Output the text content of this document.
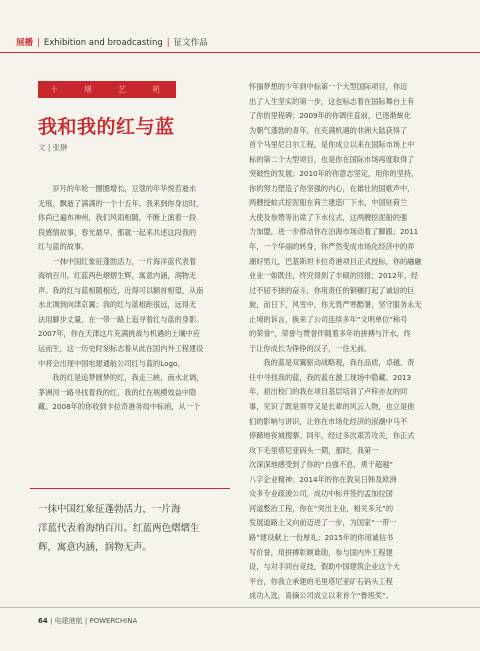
展播 | Exhibition and broadcasting | 征文作品
十	堰	艺	苑
我和我的红与蓝
文 | 张翀

　　岁月的年轮一圈圈增长，豆蔻的年华悦若逝水

无痕，飘逝了满满的一个十五年。我来到你身边时，

你尚已遍布神州，我们风雨相随，不断上演着一段

段感情故事，春光最早，那就一起来共述这段我的

红与蓝的故事。

　　一抹中国红象征蓬勃活力，一片海洋蓝代表着

海纳百川。红蓝两色熠熠生辉，寓意内涵，润物无

声。我的红与蓝相随相近，近得可以额首相望，从南

水北调到向津京翼；我的红与蓝相距很远，远得无

法用脚步丈量，在一带一路上追寻着红与蓝的身影。

2007年，你在天津这片充满挑战与机遇的土壤中应

运而生，这一历史时刻标志着从此在国内外工程建设

中将会出现中国电建通航公司红与蓝的Logo。

　　我的红是追梦圆梦的红，我走三峡，南水北调，

茅洲河一路寻找着我的红，我的红在规模效益中隐

藏。2008年的你收到卡拉奇港务局中标函，从一个

一抹中国红象征蓬勃活力，一片海

洋蓝代表着海纳百川。红蓝两色熠熠生

辉，寓意内涵，润物无声。

怀揣梦想的少年到中标第一个大型国际项目，你迈

出了人生坚实的第一步，这也标志着在国际舞台上有

了你的里程碑；2009年的你调往直前，已逐渐蜕化

为朝气蓬勃的青年，在充满机遇的非洲大陆获得了

首个马里尼日尔工程，是你成立以来在国际市场上中

标的第二个大型项目，也是你在国际市场再度取得了

突破性的发展；2010年的你意志坚定，用你的坚持，

你的努力塑造了你坚强的内心，在雄壮的国歌声中，

两艘授蚊式挖泥船在荷兰建造厂下水，中国驻荷兰

大使及参赞等出席了下水仪式，这两艘挖泥船的强

力加盟，进一步推动你在泊海市场动着了脚跟；2011

年，一个华丽的转身，你严然变成市场化经济中的弄

潮好男儿，巴基斯坦卡拉奇港项目正式授标，你的融融

业业一如既往，终究得到了丰硕的回报；2012年，经

过不屈不挠的奋斗，你用责任的铜穗打起了诚信的巨

旋，而日下，风雪中，你无畏严寒酷暑，坚守服务永无

止境的诉言，换来了公司连续多年“文明单位”称号

的荣誉”，荣誉与赞誉伴随着多年的拼搏与汗水，终

于让你成长为铮铮的汉子，一往无前。

　　我的蓝是双翼驱动战略观，我在品质，卓越、责

任中寻找我的蓝，我的蓝在激工现场中隐藏。2013

年，初出校门的我在项目基层培训了卢梓亦友的同

事，见识了既是领导又是长辈的风云人物，也立是他

们的影响与讲识，让你在市场化经济的浪潮中马不

停蹄地夜城搜寨。同年，经过多次艰苦攻关，你正式

攻下毛里塔尼亚码头一期，那时，我第一

次深深地感受到了你的“自强不息，勇于超越”

八字企业精神；2014年的你在敦吴日韩及欧洲

众多专业疏浚公司，成功中标并签约孟加拉国

河道整治工程，你在“突出主业，相关多元”的

发展道路上又向前迈进了一步，为国家“一带一

路”建设献上一份厚礼；2015年的你用诚信书

写价誉，用拼搏彰顾谁勋，参与国内外工程建

设，与对手同台竞技，假助中国建筑企业这个大

平台，你我立承建的毛里塔尼亚矿石码头工程

成功入选，喜摘公司成立以来首个“鲁班奖”。

64 | 电建港航 | POWERCHINA
